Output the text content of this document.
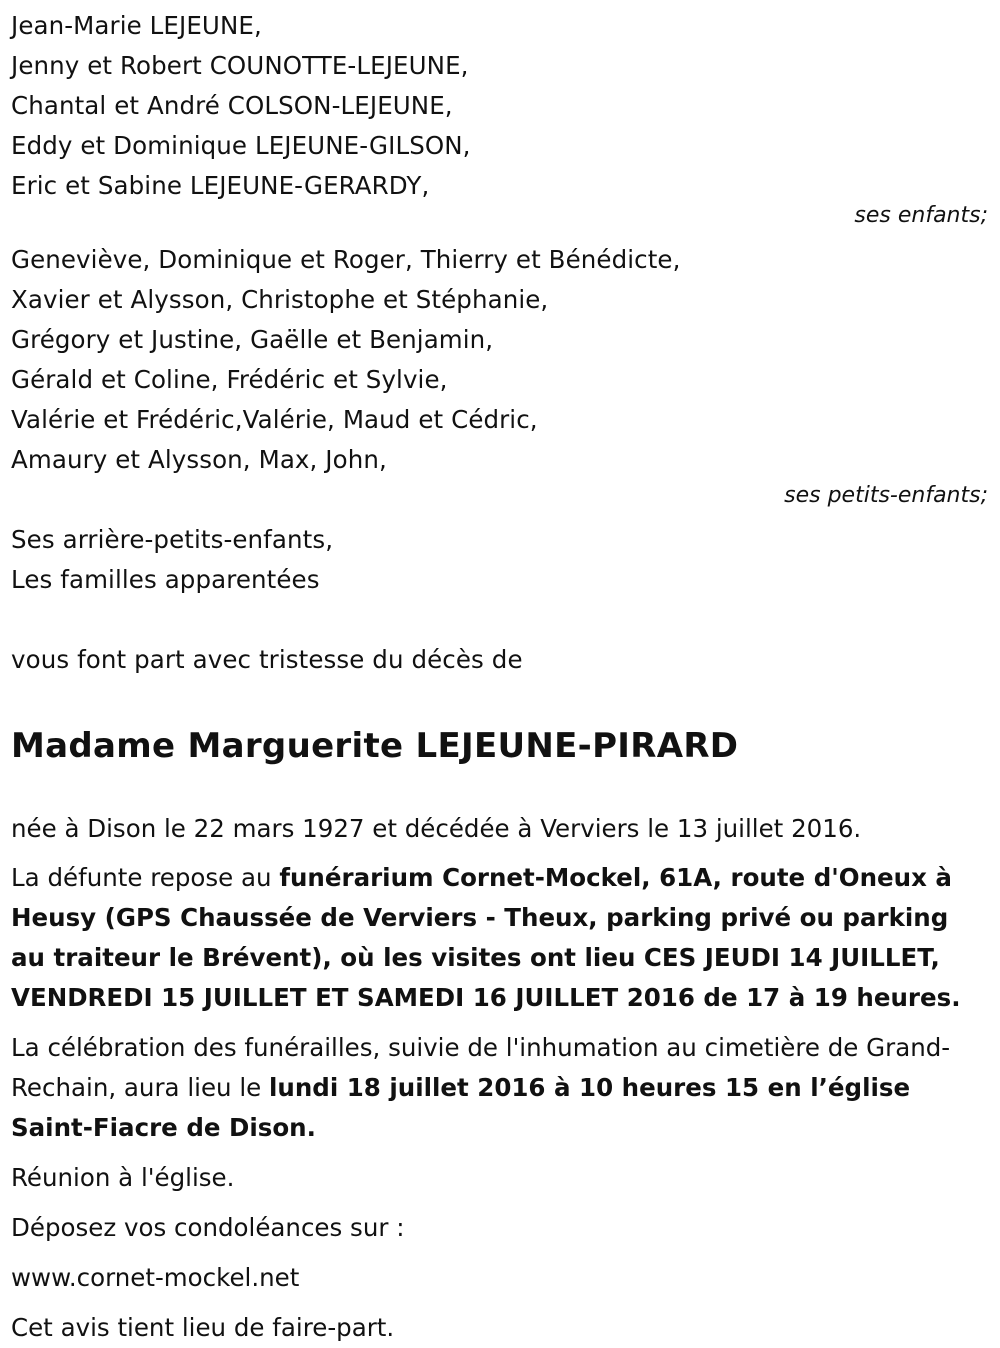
Jean-Marie LEJEUNE,
Jenny et Robert COUNOTTE-LEJEUNE,
Chantal et André COLSON-LEJEUNE,
Eddy et Dominique LEJEUNE-GILSON,
Eric et Sabine LEJEUNE-GERARDY,
ses enfants;
Geneviève, Dominique et Roger, Thierry et Bénédicte,
Xavier et Alysson, Christophe et Stéphanie,
Grégory et Justine, Gaëlle et Benjamin,
Gérald et Coline, Frédéric et Sylvie,
Valérie et Frédéric,Valérie, Maud et Cédric,
Amaury et Alysson, Max, John,
ses petits-enfants;
Ses arrière-petits-enfants,
Les familles apparentées
vous font part avec tristesse du décès de
Madame Marguerite LEJEUNE-PIRARD
née à Dison le 22 mars 1927 et décédée à Verviers le 13 juillet 2016.
La défunte repose au funérarium Cornet-Mockel, 61A, route d'Oneux à Heusy (GPS Chaussée de Verviers - Theux, parking privé ou parking au traiteur le Brévent), où les visites ont lieu CES JEUDI 14 JUILLET, VENDREDI 15 JUILLET ET SAMEDI 16 JUILLET 2016 de 17 à 19 heures.
La célébration des funérailles, suivie de l'inhumation au cimetière de Grand-Rechain, aura lieu le lundi 18 juillet 2016 à 10 heures 15 en l’église Saint-Fiacre de Dison.
Réunion à l'église.
Déposez vos condoléances sur :
www.cornet-mockel.net
Cet avis tient lieu de faire-part.
